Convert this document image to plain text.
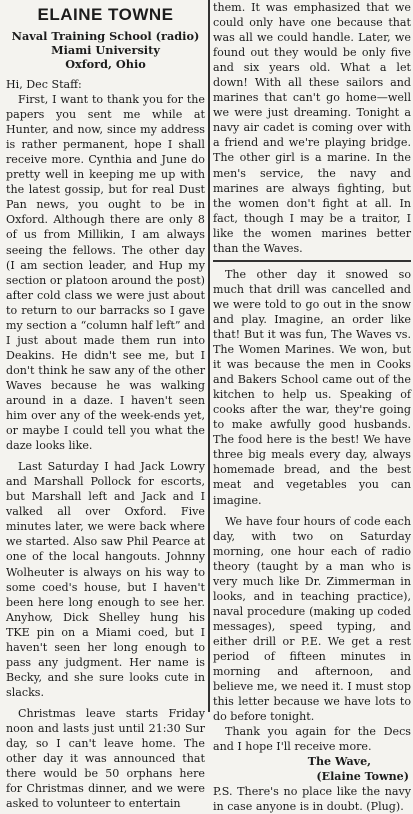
ELAINE TOWNE
Naval Training School (radio)
Miami University
Oxford, Ohio

Hi, Dec Staff:

First, I want to thank you for the papers you sent me while at Hunter, and now, since my address is rather permanent, hope I shall receive more. Cynthia and June do pretty well in keeping me up with the latest gossip, but for real Dust Pan news, you ought to be in Oxford. Although there are only 8 of us from Millikin, I am always seeing the fellows. The other day (I am section leader, and Hup my section or platoon around the post) after cold class we were just about to return to our barracks so I gave my section a “column half left” and I just about made them run into Deakins. He didn't see me, but I don't think he saw any of the other Waves because he was walking around in a daze. I haven't seen him over any of the week-ends yet, or maybe I could tell you what the daze looks like.

Last Saturday I had Jack Lowry and Marshall Pollock for escorts, but Marshall left and Jack and I valked all over Oxford. Five minutes later, we were back where we started. Also saw Phil Pearce at one of the local hangouts. Johnny Wolheuter is always on his way to some coed's house, but I haven't been here long enough to see her. Anyhow, Dick Shelley hung his TKE pin on a Miami coed, but I haven't seen her long enough to pass any judgment. Her name is Becky, and she sure looks cute in slacks.

Christmas leave starts Friday noon and lasts just until 21:30 Sur day, so I can't leave home. The other day it was announced that there would be 50 orphans here for Christmas dinner, and we were asked to volunteer to entertain

them. It was emphasized that we could only have one because that was all we could handle. Later, we found out they would be only five and six years old. What a let down! With all these sailors and marines that can't go home—well we were just dreaming. Tonight a navy air cadet is coming over with a friend and we're playing bridge. The other girl is a marine. In the men's service, the navy and marines are always fighting, but the women don't fight at all. In fact, though I may be a traitor, I like the women marines better than the Waves.

The other day it snowed so much that drill was cancelled and we were told to go out in the snow and play. Imagine, an order like that! But it was fun, The Waves vs. The Women Marines. We won, but it was because the men in Cooks and Bakers School came out of the kitchen to help us. Speaking of cooks after the war, they're going to make awfully good husbands. The food here is the best! We have three big meals every day, always homemade bread, and the best meat and vegetables you can imagine.

We have four hours of code each day, with two on Saturday morning, one hour each of radio theory (taught by a man who is very much like Dr. Zimmerman in looks, and in teaching practice), naval procedure (making up coded messages), speed typing, and either drill or P.E. We get a rest period of fifteen minutes in morning and afternoon, and believe me, we need it. I must stop this letter because we have lots to do before tonight.

Thank you again for the Decs and I hope I'll receive more.

The Wave,

(Elaine Towne)

P.S. There's no place like the navy in case anyone is in doubt. (Plug).
